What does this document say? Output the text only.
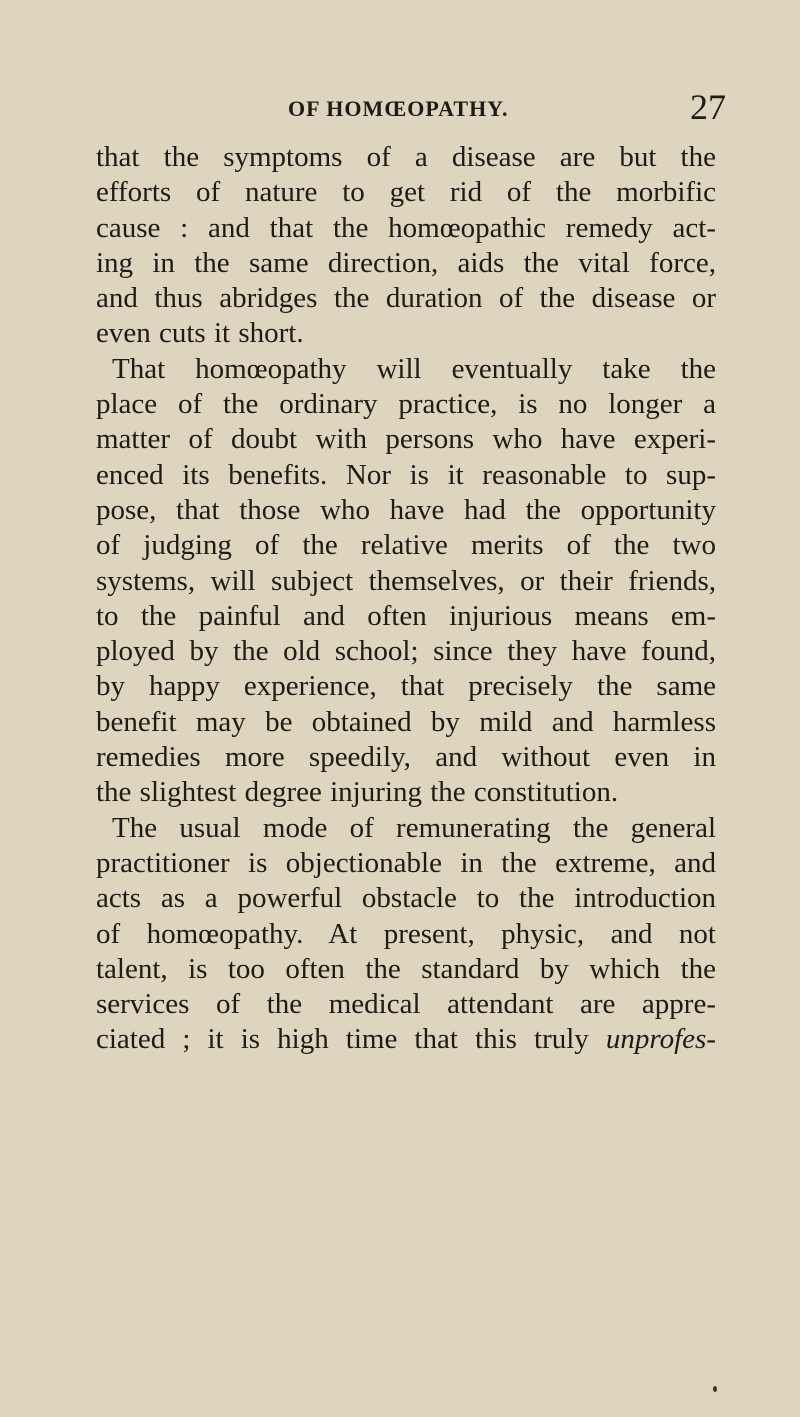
OF HOMŒOPATHY.	27
that the symptoms of a disease are but the
efforts of nature to get rid of the morbific
cause : and that the homœopathic remedy act-
ing in the same direction, aids the vital force,
and thus abridges the duration of the disease or
even cuts it short.
That homœopathy will eventually take the
place of the ordinary practice, is no longer a
matter of doubt with persons who have experi-
enced its benefits. Nor is it reasonable to sup-
pose, that those who have had the opportunity
of judging of the relative merits of the two
systems, will subject themselves, or their friends,
to the painful and often injurious means em-
ployed by the old school; since they have found,
by happy experience, that precisely the same
benefit may be obtained by mild and harmless
remedies more speedily, and without even in
the slightest degree injuring the constitution.
The usual mode of remunerating the general
practitioner is objectionable in the extreme, and
acts as a powerful obstacle to the introduction
of homœopathy. At present, physic, and not
talent, is too often the standard by which the
services of the medical attendant are appre-
ciated ; it is high time that this truly unprofes-
